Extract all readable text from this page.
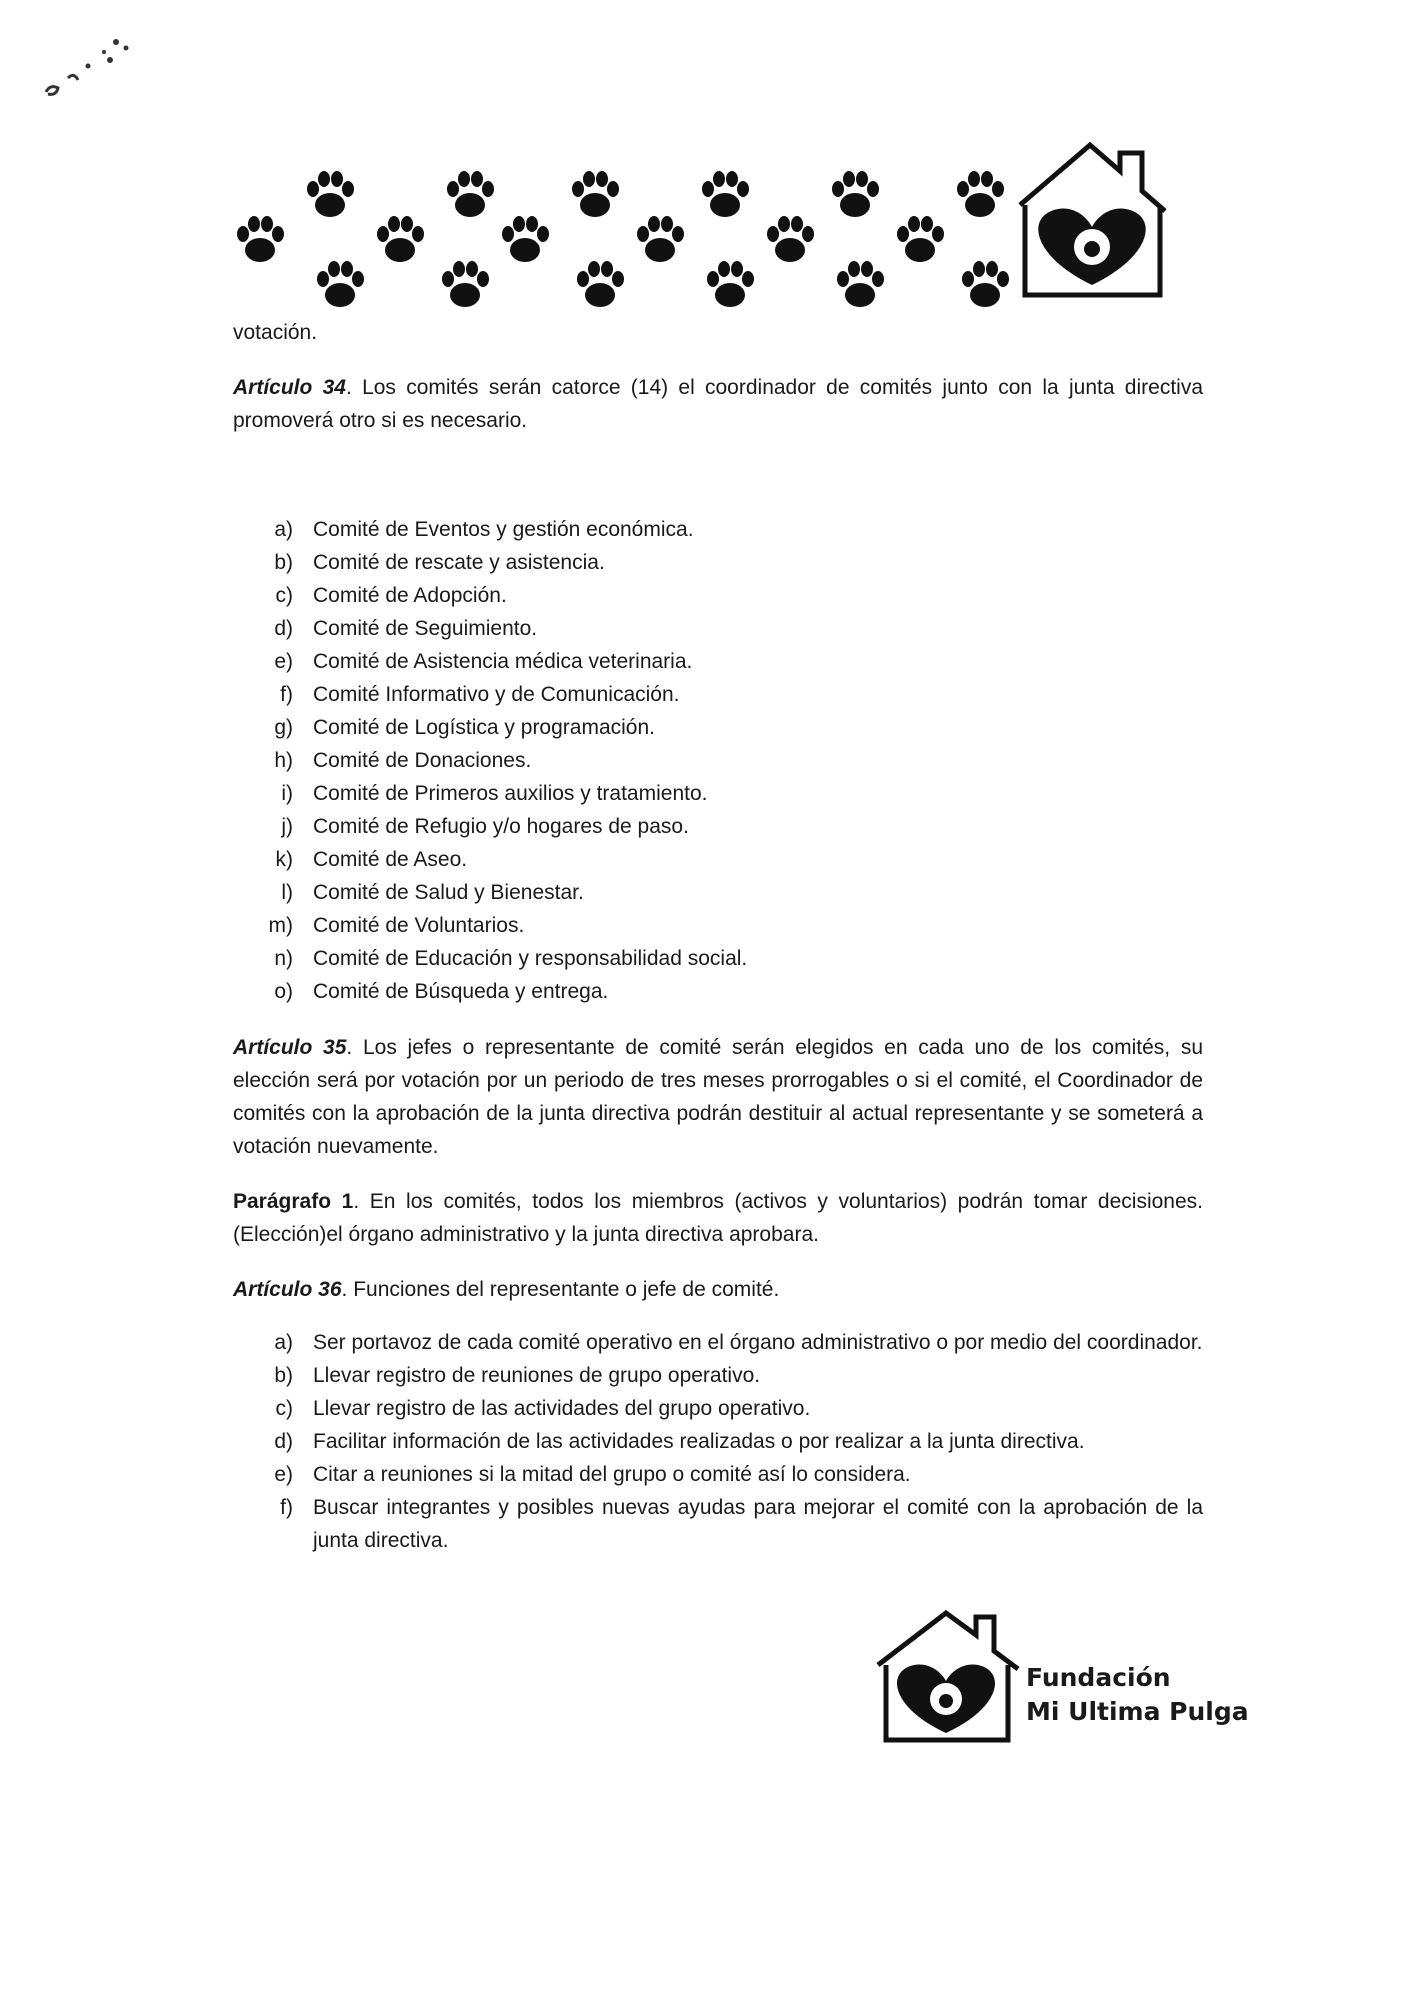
votación.

Artículo 34. Los comités serán catorce (14) el coordinador de comités junto con la junta directiva promoverá otro si es necesario.

a) Comité de Eventos y gestión económica.
b) Comité de rescate y asistencia.
c) Comité de Adopción.
d) Comité de Seguimiento.
e) Comité de Asistencia médica veterinaria.
f) Comité Informativo y de Comunicación.
g) Comité de Logística y programación.
h) Comité de Donaciones.
i) Comité de Primeros auxilios y tratamiento.
j) Comité de Refugio y/o hogares de paso.
k) Comité de Aseo.
l) Comité de Salud y Bienestar.
m) Comité de Voluntarios.
n) Comité de Educación y responsabilidad social.
o) Comité de Búsqueda y entrega.

Artículo 35. Los jefes o representante de comité serán elegidos en cada uno de los comités, su elección será por votación por un periodo de tres meses prorrogables o si el comité, el Coordinador de comités con la aprobación de la junta directiva podrán destituir al actual representante y se someterá a votación nuevamente.

Parágrafo 1. En los comités, todos los miembros (activos y voluntarios) podrán tomar decisiones.(Elección)el órgano administrativo y la junta directiva aprobara.

Artículo 36. Funciones del representante o jefe de comité.

a) Ser portavoz de cada comité operativo en el órgano administrativo o por medio del coordinador.
b) Llevar registro de reuniones de grupo operativo.
c) Llevar registro de las actividades del grupo operativo.
d) Facilitar información de las actividades realizadas o por realizar a la junta directiva.
e) Citar a reuniones si la mitad del grupo o comité así lo considera.
f) Buscar integrantes y posibles nuevas ayudas para mejorar el comité con la aprobación de la junta directiva.
Fundación
Mi Ultima Pulga
